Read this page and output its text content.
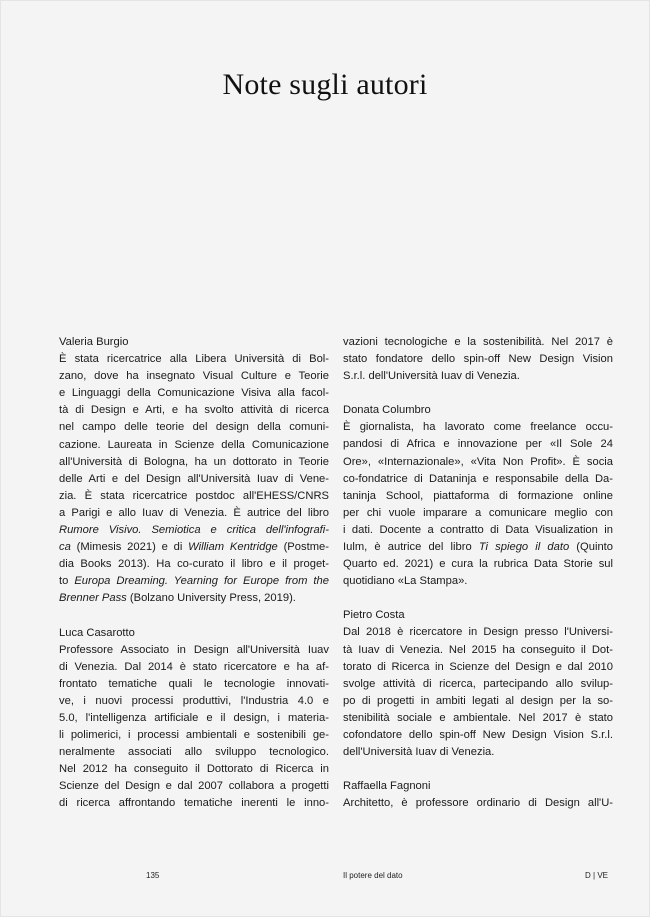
Note sugli autori
Valeria Burgio
È stata ricercatrice alla Libera Università di Bol-
zano, dove ha insegnato Visual Culture e Teorie
e Linguaggi della Comunicazione Visiva alla facol-
tà di Design e Arti, e ha svolto attività di ricerca
nel campo delle teorie del design della comuni-
cazione. Laureata in Scienze della Comunicazione
all'Università di Bologna, ha un dottorato in Teorie
delle Arti e del Design all'Università Iuav di Vene-
zia. È stata ricercatrice postdoc all'EHESS/CNRS
a Parigi e allo Iuav di Venezia. È autrice del libro
Rumore Visivo. Semiotica e critica dell'infografi-
ca (Mimesis 2021) e di William Kentridge (Postme-
dia Books 2013). Ha co-curato il libro e il proget-
to Europa Dreaming. Yearning for Europe from the
Brenner Pass (Bolzano University Press, 2019).
Luca Casarotto
Professore Associato in Design all'Università Iuav
di Venezia. Dal 2014 è stato ricercatore e ha af-
frontato tematiche quali le tecnologie innovati-
ve, i nuovi processi produttivi, l'Industria 4.0 e
5.0, l'intelligenza artificiale e il design, i materia-
li polimerici, i processi ambientali e sostenibili ge-
neralmente associati allo sviluppo tecnologico.
Nel 2012 ha conseguito il Dottorato di Ricerca in
Scienze del Design e dal 2007 collabora a progetti
di ricerca affrontando tematiche inerenti le inno-
vazioni tecnologiche e la sostenibilità. Nel 2017 è
stato fondatore dello spin-off New Design Vision
S.r.l. dell'Università Iuav di Venezia.
Donata Columbro
È giornalista, ha lavorato come freelance occu-
pandosi di Africa e innovazione per «Il Sole 24
Ore», «Internazionale», «Vita Non Profit». È socia
co-fondatrice di Dataninja e responsabile della Da-
taninja School, piattaforma di formazione online
per chi vuole imparare a comunicare meglio con
i dati. Docente a contratto di Data Visualization in
Iulm, è autrice del libro Ti spiego il dato (Quinto
Quarto ed. 2021) e cura la rubrica Data Storie sul
quotidiano «La Stampa».
Pietro Costa
Dal 2018 è ricercatore in Design presso l'Universi-
tà Iuav di Venezia. Nel 2015 ha conseguito il Dot-
torato di Ricerca in Scienze del Design e dal 2010
svolge attività di ricerca, partecipando allo svilup-
po di progetti in ambiti legati al design per la so-
stenibilità sociale e ambientale. Nel 2017 è stato
cofondatore dello spin-off New Design Vision S.r.l.
dell'Università Iuav di Venezia.
Raffaella Fagnoni
Architetto, è professore ordinario di Design all'U-
135	Il potere del dato	D | VE
